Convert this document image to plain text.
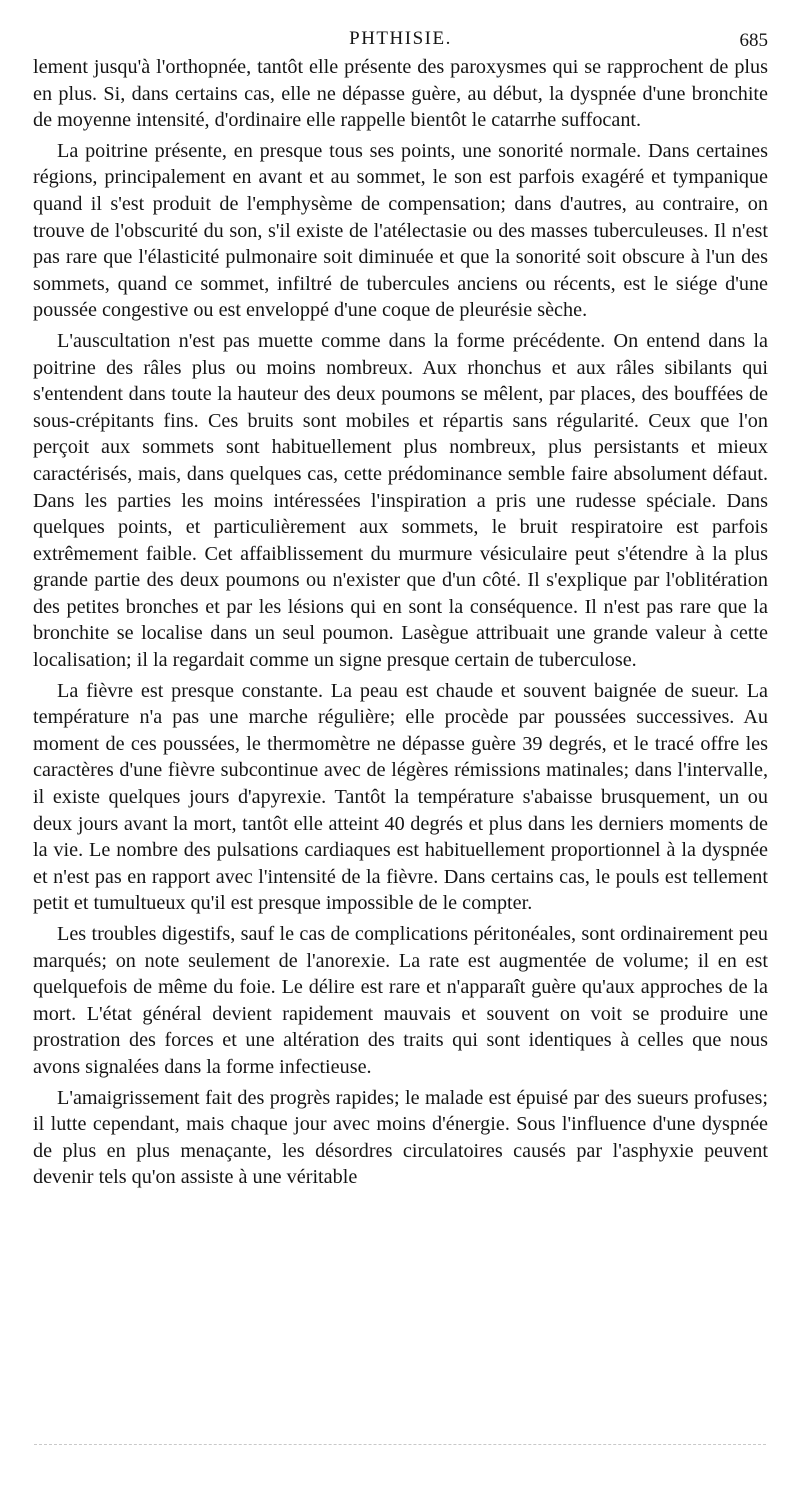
PHTHISIE.	685

lement jusqu'à l'orthopnée, tantôt elle présente des paroxysmes qui se rapprochent de plus en plus. Si, dans certains cas, elle ne dépasse guère, au début, la dyspnée d'une bronchite de moyenne intensité, d'ordinaire elle rappelle bientôt le catarrhe suffocant.

La poitrine présente, en presque tous ses points, une sonorité normale. Dans certaines régions, principalement en avant et au sommet, le son est parfois exagéré et tympanique quand il s'est produit de l'emphysème de compensation; dans d'autres, au contraire, on trouve de l'obscurité du son, s'il existe de l'atélectasie ou des masses tuberculeuses. Il n'est pas rare que l'élasticité pulmonaire soit diminuée et que la sonorité soit obscure à l'un des sommets, quand ce sommet, infiltré de tubercules anciens ou récents, est le siége d'une poussée congestive ou est enveloppé d'une coque de pleurésie sèche.

L'auscultation n'est pas muette comme dans la forme précédente. On entend dans la poitrine des râles plus ou moins nombreux. Aux rhonchus et aux râles sibilants qui s'entendent dans toute la hauteur des deux poumons se mêlent, par places, des bouffées de sous-crépitants fins. Ces bruits sont mobiles et répartis sans régularité. Ceux que l'on perçoit aux sommets sont habituellement plus nombreux, plus persistants et mieux caractérisés, mais, dans quelques cas, cette prédominance semble faire absolument défaut. Dans les parties les moins intéressées l'inspiration a pris une rudesse spéciale. Dans quelques points, et particulièrement aux sommets, le bruit respiratoire est parfois extrêmement faible. Cet affaiblissement du murmure vésiculaire peut s'étendre à la plus grande partie des deux poumons ou n'exister que d'un côté. Il s'explique par l'oblitération des petites bronches et par les lésions qui en sont la conséquence. Il n'est pas rare que la bronchite se localise dans un seul poumon. Lasègue attribuait une grande valeur à cette localisation; il la regardait comme un signe presque certain de tuberculose.

La fièvre est presque constante. La peau est chaude et souvent baignée de sueur. La température n'a pas une marche régulière; elle procède par poussées successives. Au moment de ces poussées, le thermomètre ne dépasse guère 39 degrés, et le tracé offre les caractères d'une fièvre subcontinue avec de légères rémissions matinales; dans l'intervalle, il existe quelques jours d'apyrexie. Tantôt la température s'abaisse brusquement, un ou deux jours avant la mort, tantôt elle atteint 40 degrés et plus dans les derniers moments de la vie. Le nombre des pulsations cardiaques est habituellement proportionnel à la dyspnée et n'est pas en rapport avec l'intensité de la fièvre. Dans certains cas, le pouls est tellement petit et tumultueux qu'il est presque impossible de le compter.

Les troubles digestifs, sauf le cas de complications péritonéales, sont ordinairement peu marqués; on note seulement de l'anorexie. La rate est augmentée de volume; il en est quelquefois de même du foie. Le délire est rare et n'apparaît guère qu'aux approches de la mort. L'état général devient rapidement mauvais et souvent on voit se produire une prostration des forces et une altération des traits qui sont identiques à celles que nous avons signalées dans la forme infectieuse.

L'amaigrissement fait des progrès rapides; le malade est épuisé par des sueurs profuses; il lutte cependant, mais chaque jour avec moins d'énergie. Sous l'influence d'une dyspnée de plus en plus menaçante, les désordres circulatoires causés par l'asphyxie peuvent devenir tels qu'on assiste à une véritable
